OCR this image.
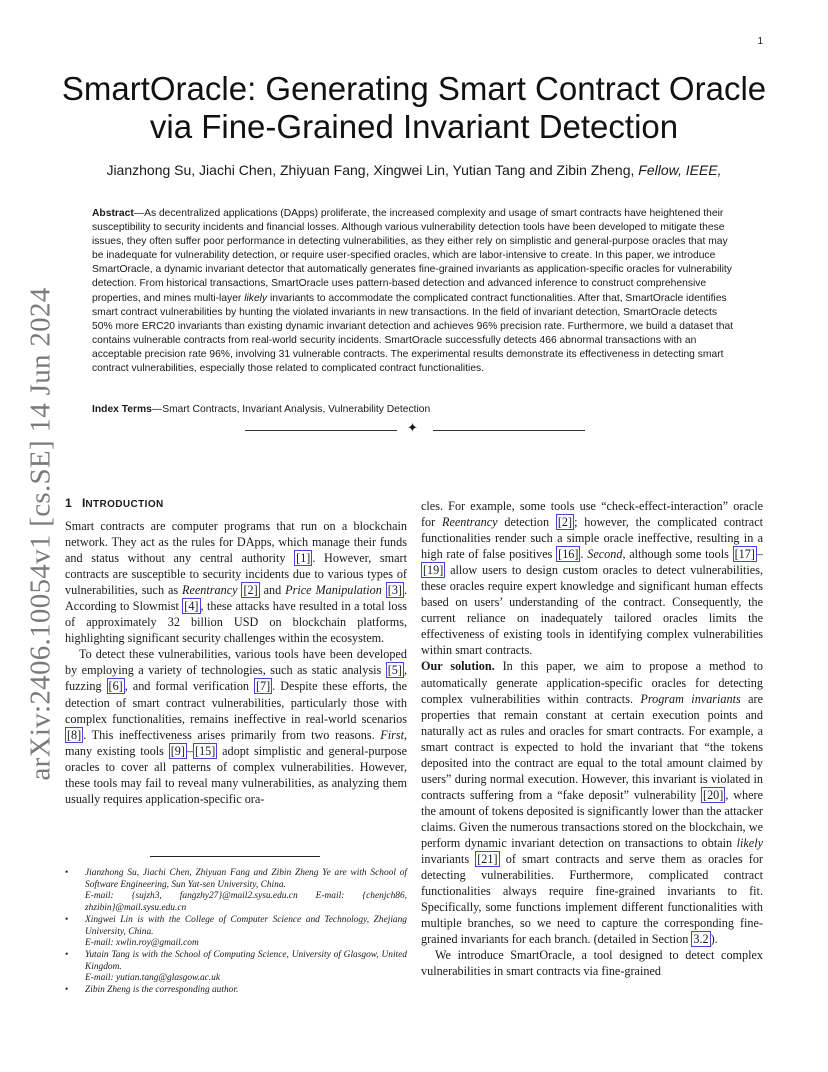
1
arXiv:2406.10054v1 [cs.SE] 14 Jun 2024
SmartOracle: Generating Smart Contract Oracle
via Fine-Grained Invariant Detection
Jianzhong Su, Jiachi Chen, Zhiyuan Fang, Xingwei Lin, Yutian Tang and Zibin Zheng, Fellow, IEEE,
Abstract—As decentralized applications (DApps) proliferate, the increased complexity and usage of smart contracts have heightened their susceptibility to security incidents and financial losses. Although various vulnerability detection tools have been developed to mitigate these issues, they often suffer poor performance in detecting vulnerabilities, as they either rely on simplistic and general-purpose oracles that may be inadequate for vulnerability detection, or require user-specified oracles, which are labor-intensive to create. In this paper, we introduce SmartOracle, a dynamic invariant detector that automatically generates fine-grained invariants as application-specific oracles for vulnerability detection. From historical transactions, SmartOracle uses pattern-based detection and advanced inference to construct comprehensive properties, and mines multi-layer likely invariants to accommodate the complicated contract functionalities. After that, SmartOracle identifies smart contract vulnerabilities by hunting the violated invariants in new transactions. In the field of invariant detection, SmartOracle detects 50% more ERC20 invariants than existing dynamic invariant detection and achieves 96% precision rate. Furthermore, we build a dataset that contains vulnerable contracts from real-world security incidents. SmartOracle successfully detects 466 abnormal transactions with an acceptable precision rate 96%, involving 31 vulnerable contracts. The experimental results demonstrate its effectiveness in detecting smart contract vulnerabilities, especially those related to complicated contract functionalities.
Index Terms—Smart Contracts, Invariant Analysis, Vulnerability Detection
✦
1 INTRODUCTION

Smart contracts are computer programs that run on a blockchain network. They act as the rules for DApps, which manage their funds and status without any central authority [1] . However, smart contracts are susceptible to security incidents due to various types of vulnerabilities, such as Reentrancy [2] and Price Manipulation [3] . According to Slowmist [4] , these attacks have resulted in a total loss of approximately 32 billion USD on blockchain platforms, highlighting significant security challenges within the ecosystem.

To detect these vulnerabilities, various tools have been developed by employing a variety of technologies, such as static analysis [5] , fuzzing [6] , and formal verification [7] . Despite these efforts, the detection of smart contract vulnerabilities, particularly those with complex functionalities, remains ineffective in real-world scenarios [8] . This ineffectiveness arises primarily from two reasons. First, many existing tools [9] – [15] adopt simplistic and general-purpose oracles to cover all patterns of complex vulnerabilities. However, these tools may fail to reveal many vulnerabilities, as analyzing them usually requires application-specific ora-

• Jianzhong Su, Jiachi Chen, Zhiyuan Fang and Zibin Zheng Ye are with School of Software Engineering, Sun Yat-sen University, China.
E-mail: {sujzh3, fangzhy27}@mail2.sysu.edu.cn E-mail: {chenjch86, zhzibin}@mail.sysu.edu.cn
• Xingwei Lin is with the College of Computer Science and Technology, Zhejiang University, China.
E-mail: xwlin.roy@gmail.com
• Yutain Tang is with the School of Computing Science, University of Glasgow, United Kingdom.
E-mail: yutian.tang@glasgow.ac.uk
• Zibin Zheng is the corresponding author.

cles. For example, some tools use “check-effect-interaction” oracle for Reentrancy detection [2] ; however, the complicated contract functionalities render such a simple oracle ineffective, resulting in a high rate of false positives [16] . Second, although some tools [17] –[19] allow users to design custom oracles to detect vulnerabilities, these oracles require expert knowledge and significant human effects based on users’ understanding of the contract. Consequently, the current reliance on inadequately tailored oracles limits the effectiveness of existing tools in identifying complex vulnerabilities within smart contracts.

Our solution. In this paper, we aim to propose a method to automatically generate application-specific oracles for detecting complex vulnerabilities within contracts. Program invariants are properties that remain constant at certain execution points and naturally act as rules and oracles for smart contracts. For example, a smart contract is expected to hold the invariant that “the tokens deposited into the contract are equal to the total amount claimed by users” during normal execution. However, this invariant is violated in contracts suffering from a “fake deposit” vulnerability [20] , where the amount of tokens deposited is significantly lower than the attacker claims. Given the numerous transactions stored on the blockchain, we perform dynamic invariant detection on transactions to obtain likely invariants [21] of smart contracts and serve them as oracles for detecting vulnerabilities. Furthermore, complicated contract functionalities always require fine-grained invariants to fit. Specifically, some functions implement different functionalities with multiple branches, so we need to capture the corresponding fine-grained invariants for each branch. (detailed in Section 3.2 ).

We introduce SmartOracle, a tool designed to detect complex vulnerabilities in smart contracts via fine-grained
